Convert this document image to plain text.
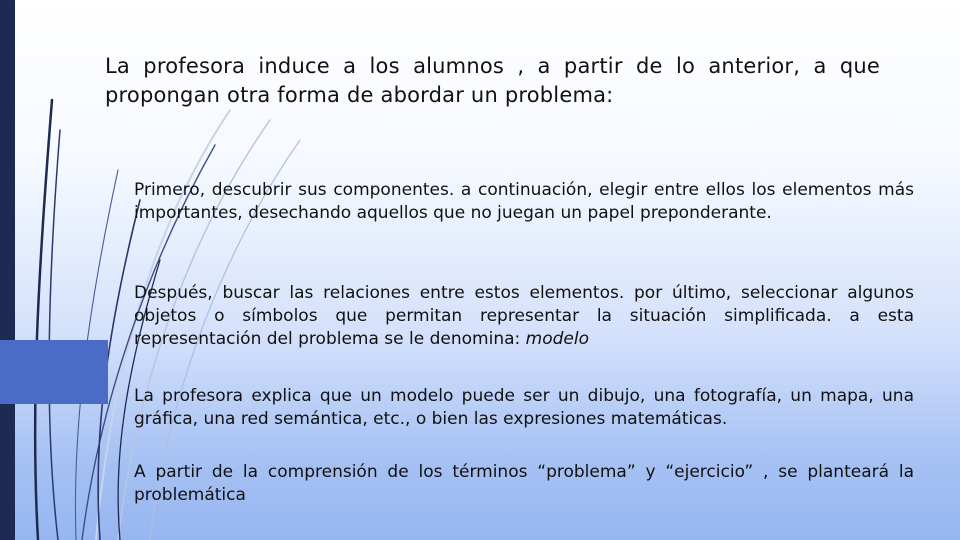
La profesora induce a los alumnos , a partir de lo anterior, a que propongan otra forma de abordar un problema:

Primero, descubrir sus componentes. a continuación, elegir entre ellos los elementos más importantes, desechando aquellos que no juegan un papel preponderante.

Después, buscar las relaciones entre estos elementos. por último, seleccionar algunos objetos o símbolos que permitan representar la situación simplificada. a esta representación del problema se le denomina: modelo

La profesora explica que un modelo puede ser un dibujo, una fotografía, un mapa, una gráfica, una red semántica, etc., o bien las expresiones matemáticas.

A partir de la comprensión de los términos “problema” y “ejercicio” , se planteará la problemática
